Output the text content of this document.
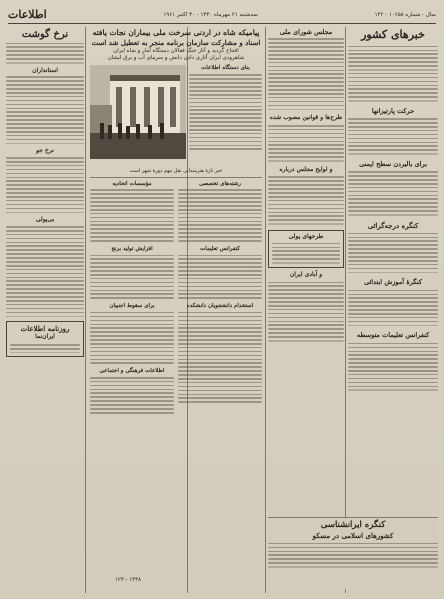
سال - شماره ۱۰۶۵۸ - ۱۴۲
سه‌شنبه ۲۱ مهرماه ۱۳۴۰ - ۳۰ اکتبر ۱۹۶۱
اطلاعات
خبرهای کشور
حرکت پارتیزانها
برای بالبردن سطح ایمنی
کنگره درجه‌گرائی
کنگرۀ آموزش ابتدائی
کنفرانس تعلیمات متوسطه
مجلس شورای ملی
طرح‌ها و قوانین مصوب شده
و لوایح مجلس درباره
طرحهای پولی
و آبادی ایران
پیامیکه شاه در اردنی سرخت ملی بیماران نجات یافته
اسناد و مشارکت سازمان برنامه منجر به تعطیل شد است
افتتاح گردید و آثار جنگ فعالان دستگاه آمار و شاه ایران
شاهرودی ایران آثاری دادن دانش و سرمای آب و برق ایشان
بنای دستگاه اطلاعات
خبر تازۀ هنرمندانی نقل مهم دورۀ شهر است
رشته‌های تخصصی
کنفرانس تعلیمات
استخدام دانشجویان دانشکده
مؤسسات اتحادیه
افزایش تولید برنج
برای سقوط اجنبیان
اطلاعات فرهنگی و اجتماعی
نرخ گوشت
استانداران
نرخ جو
بی‌پولی
روزنامه اطلاعات
ایران‌نما
کنگره ایرانشناسی
کشورهای اسلامی در مسکو
۱۳۳۸ - ۱۲۳
